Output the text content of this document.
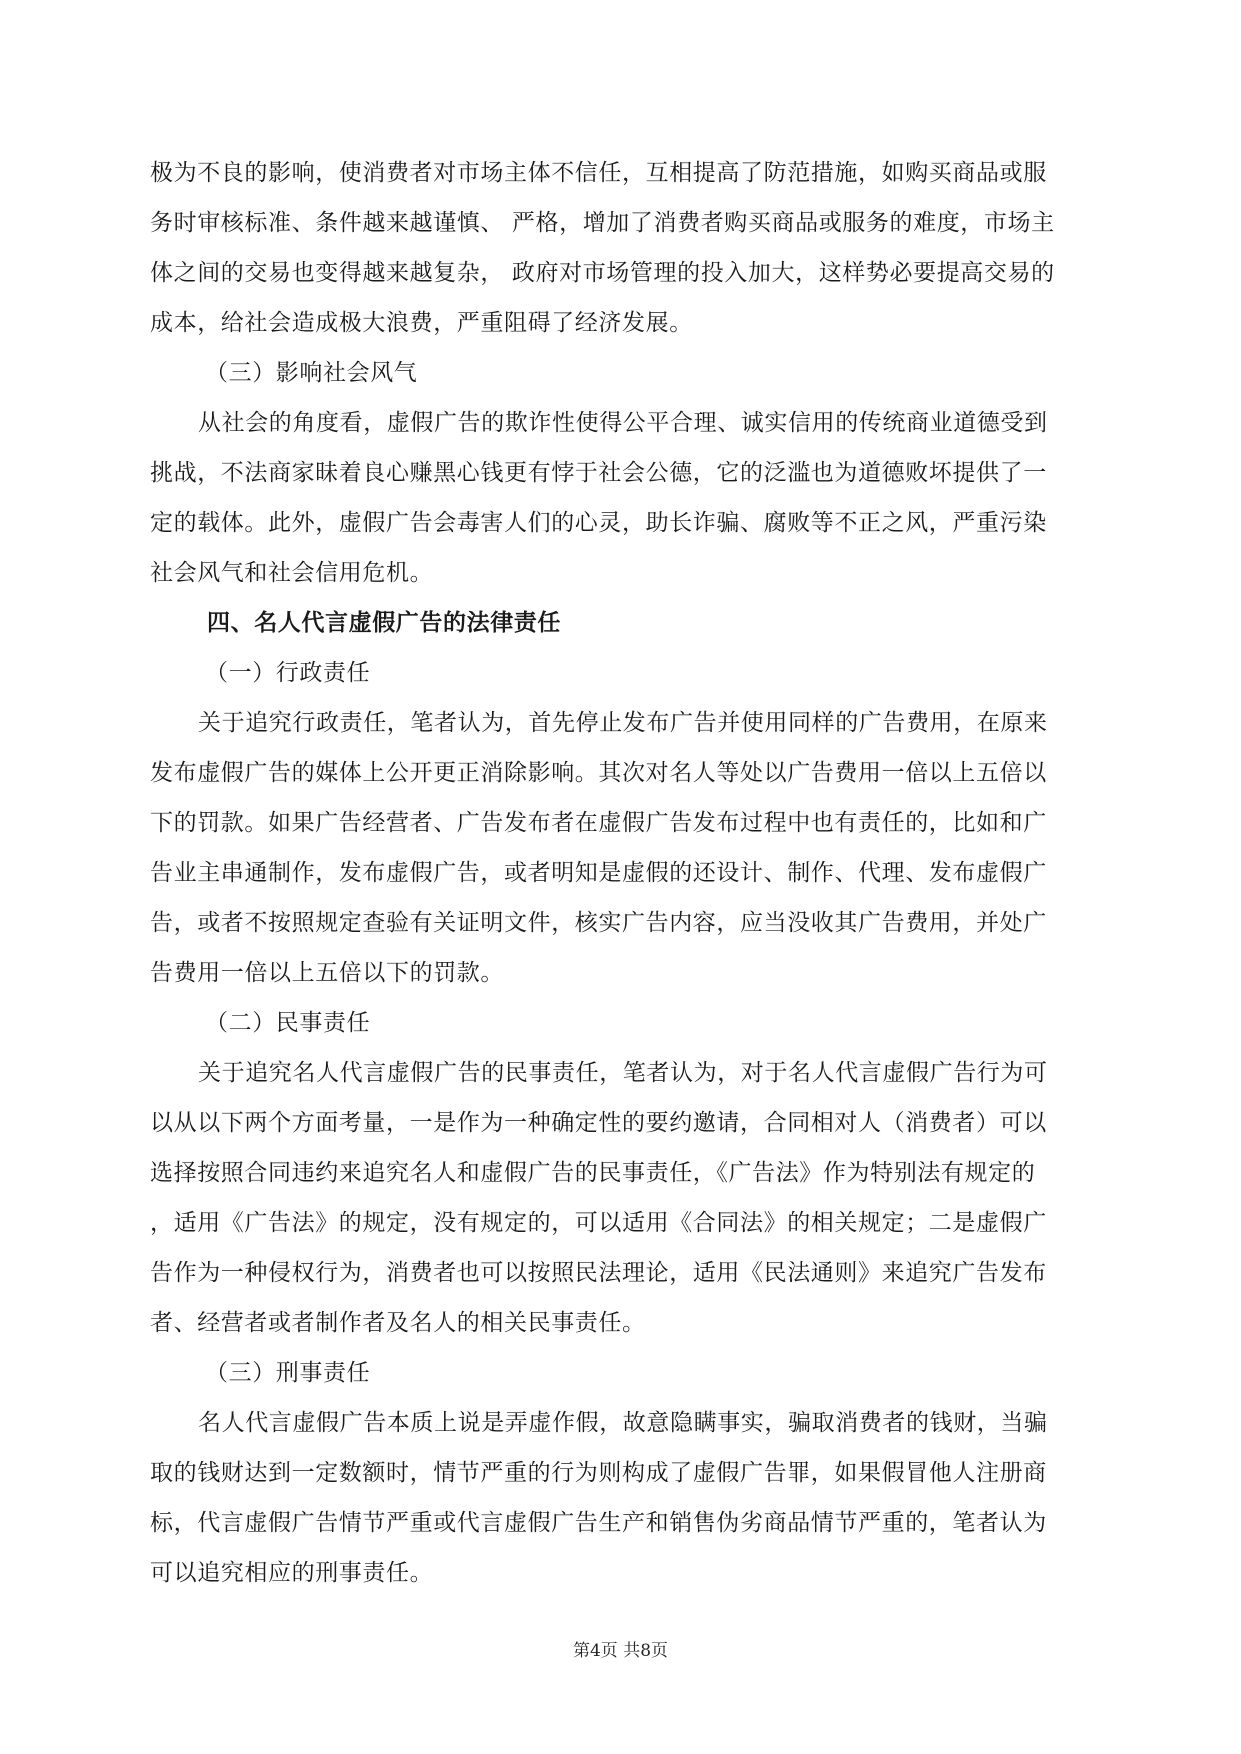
极为不良的影响，使消费者对市场主体不信任，互相提高了防范措施，如购买商品或服
务时审核标准、条件越来越谨慎、 严格，增加了消费者购买商品或服务的难度，市场主
体之间的交易也变得越来越复杂， 政府对市场管理的投入加大，这样势必要提高交易的
成本，给社会造成极大浪费，严重阻碍了经济发展。
（三）影响社会风气
从社会的角度看，虚假广告的欺诈性使得公平合理、诚实信用的传统商业道德受到
挑战，不法商家昧着良心赚黑心钱更有悖于社会公德，它的泛滥也为道德败坏提供了一
定的载体。此外，虚假广告会毒害人们的心灵，助长诈骗、腐败等不正之风，严重污染
社会风气和社会信用危机。
四、名人代言虚假广告的法律责任
（一）行政责任
关于追究行政责任，笔者认为，首先停止发布广告并使用同样的广告费用，在原来
发布虚假广告的媒体上公开更正消除影响。其次对名人等处以广告费用一倍以上五倍以
下的罚款。如果广告经营者、广告发布者在虚假广告发布过程中也有责任的，比如和广
告业主串通制作，发布虚假广告，或者明知是虚假的还设计、制作、代理、发布虚假广
告，或者不按照规定查验有关证明文件，核实广告内容，应当没收其广告费用，并处广
告费用一倍以上五倍以下的罚款。
（二）民事责任
关于追究名人代言虚假广告的民事责任，笔者认为，对于名人代言虚假广告行为可
以从以下两个方面考量，一是作为一种确定性的要约邀请，合同相对人（消费者）可以
选择按照合同违约来追究名人和虚假广告的民事责任，《广告法》作为特别法有规定的
，适用《广告法》的规定，没有规定的，可以适用《合同法》的相关规定；二是虚假广
告作为一种侵权行为，消费者也可以按照民法理论，适用《民法通则》来追究广告发布
者、经营者或者制作者及名人的相关民事责任。
（三）刑事责任
名人代言虚假广告本质上说是弄虚作假，故意隐瞒事实，骗取消费者的钱财，当骗
取的钱财达到一定数额时，情节严重的行为则构成了虚假广告罪，如果假冒他人注册商
标，代言虚假广告情节严重或代言虚假广告生产和销售伪劣商品情节严重的，笔者认为
可以追究相应的刑事责任。
第4页 共8页
